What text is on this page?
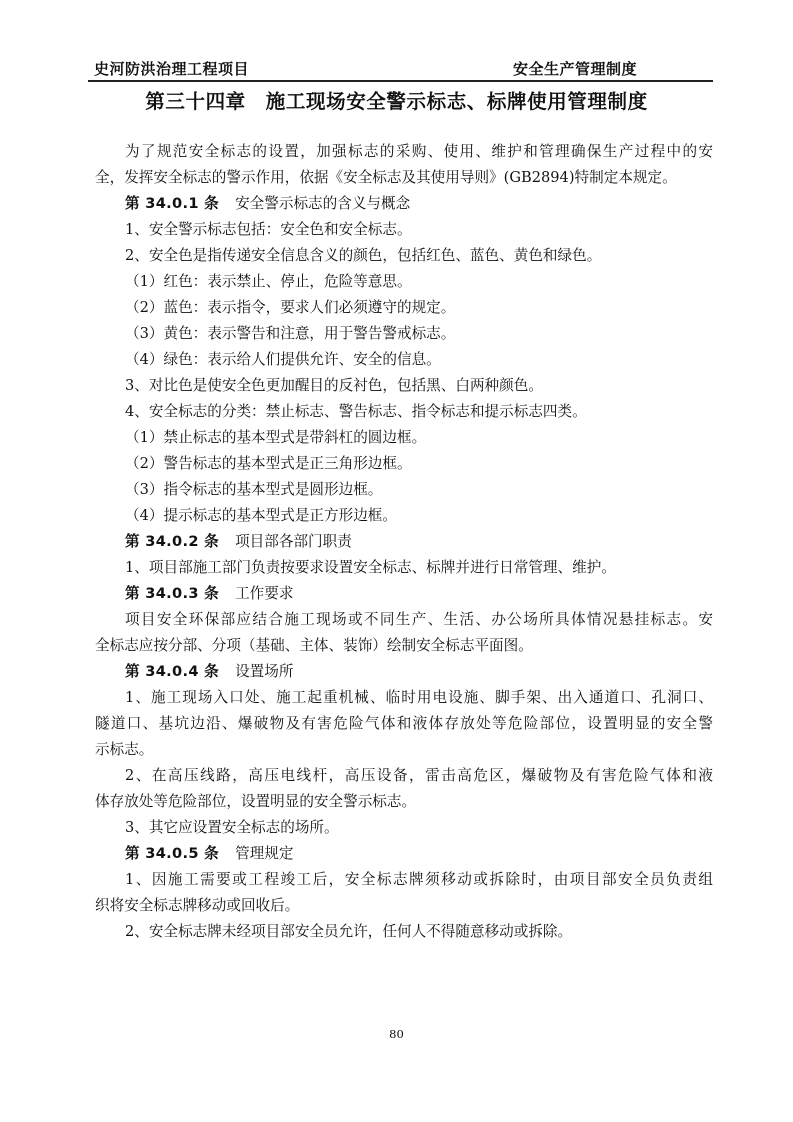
史河防洪治理工程项目	安全生产管理制度
第三十四章 施工现场安全警示标志、标牌使用管理制度

为了规范安全标志的设置，加强标志的采购、使用、维护和管理确保生产过程中的安

全，发挥安全标志的警示作用，依据《安全标志及其使用导则》(GB2894)特制定本规定。

第 34.0.1 条 安全警示标志的含义与概念

1、安全警示标志包括：安全色和安全标志。

2、安全色是指传递安全信息含义的颜色，包括红色、蓝色、黄色和绿色。

（1）红色：表示禁止、停止，危险等意思。

（2）蓝色：表示指令，要求人们必须遵守的规定。

（3）黄色：表示警告和注意，用于警告警戒标志。

（4）绿色：表示给人们提供允许、安全的信息。

3、对比色是使安全色更加醒目的反衬色，包括黑、白两种颜色。

4、安全标志的分类：禁止标志、警告标志、指令标志和提示标志四类。

（1）禁止标志的基本型式是带斜杠的圆边框。

（2）警告标志的基本型式是正三角形边框。

（3）指令标志的基本型式是圆形边框。

（4）提示标志的基本型式是正方形边框。

第 34.0.2 条 项目部各部门职责

1、项目部施工部门负责按要求设置安全标志、标牌并进行日常管理、维护。

第 34.0.3 条 工作要求

项目安全环保部应结合施工现场或不同生产、生活、办公场所具体情况悬挂标志。安

全标志应按分部、分项（基础、主体、装饰）绘制安全标志平面图。

第 34.0.4 条 设置场所

1、施工现场入口处、施工起重机械、临时用电设施、脚手架、出入通道口、孔洞口、

隧道口、基坑边沿、爆破物及有害危险气体和液体存放处等危险部位，设置明显的安全警

示标志。

2、在高压线路，高压电线杆，高压设备，雷击高危区，爆破物及有害危险气体和液

体存放处等危险部位，设置明显的安全警示标志。

3、其它应设置安全标志的场所。

第 34.0.5 条 管理规定

1、因施工需要或工程竣工后，安全标志牌须移动或拆除时，由项目部安全员负责组

织将安全标志牌移动或回收后。

2、安全标志牌未经项目部安全员允许，任何人不得随意移动或拆除。

80
